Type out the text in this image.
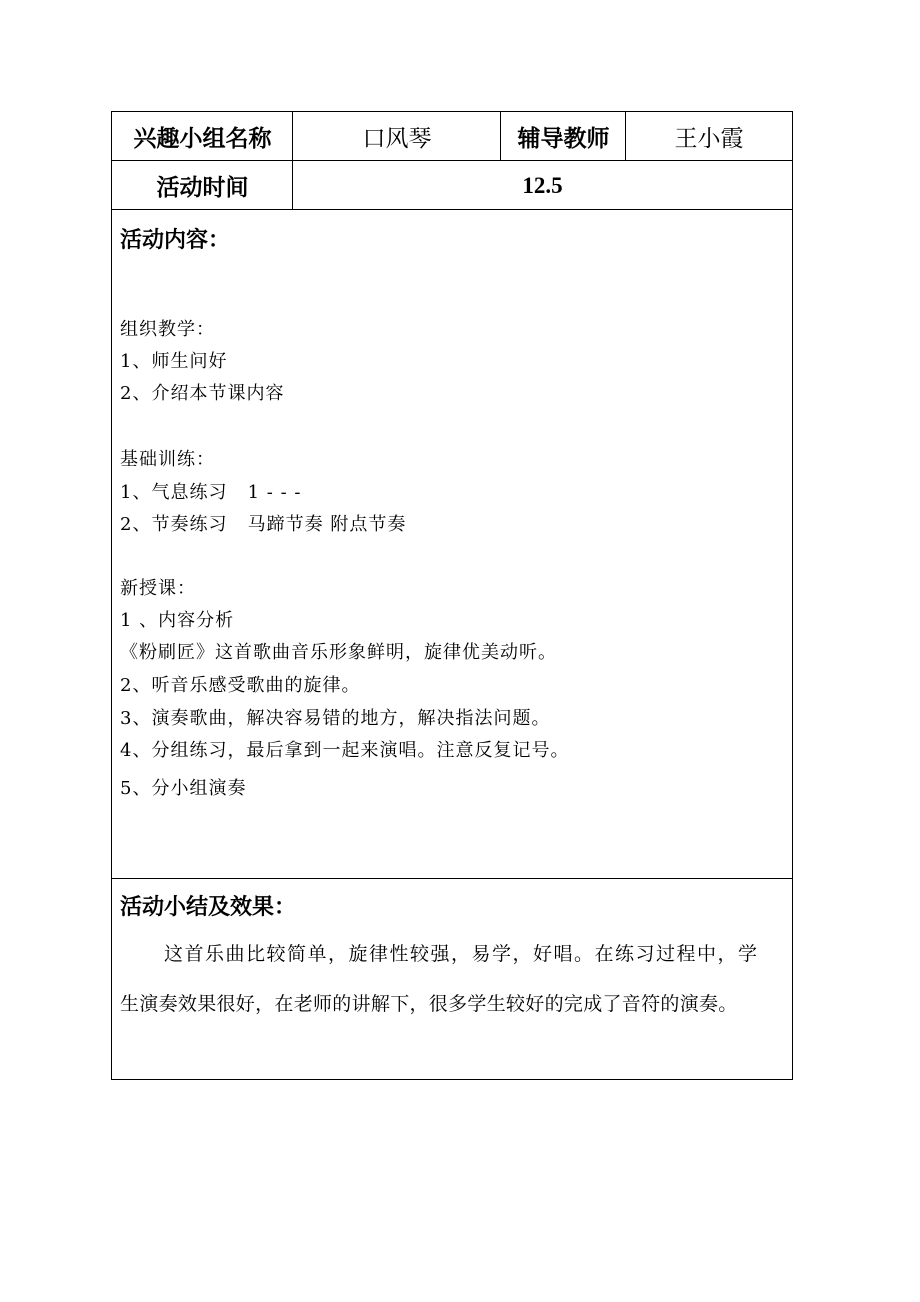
兴趣小组名称	口风琴	辅导教师	王小霞
活动时间	12.5
活动内容：
组织教学：
1、师生问好
2、介绍本节课内容
基础训练：
1、气息练习   1 - - -
2、节奏练习   马蹄节奏 附点节奏
新授课：
1 、内容分析
《粉刷匠》这首歌曲音乐形象鲜明，旋律优美动听。
2、听音乐感受歌曲的旋律。
3、演奏歌曲，解决容易错的地方，解决指法问题。
4、分组练习，最后拿到一起来演唱。注意反复记号。
5、分小组演奏
活动小结及效果：
这首乐曲比较简单，旋律性较强，易学，好唱。在练习过程中，学
生演奏效果很好，在老师的讲解下，很多学生较好的完成了音符的演奏。
